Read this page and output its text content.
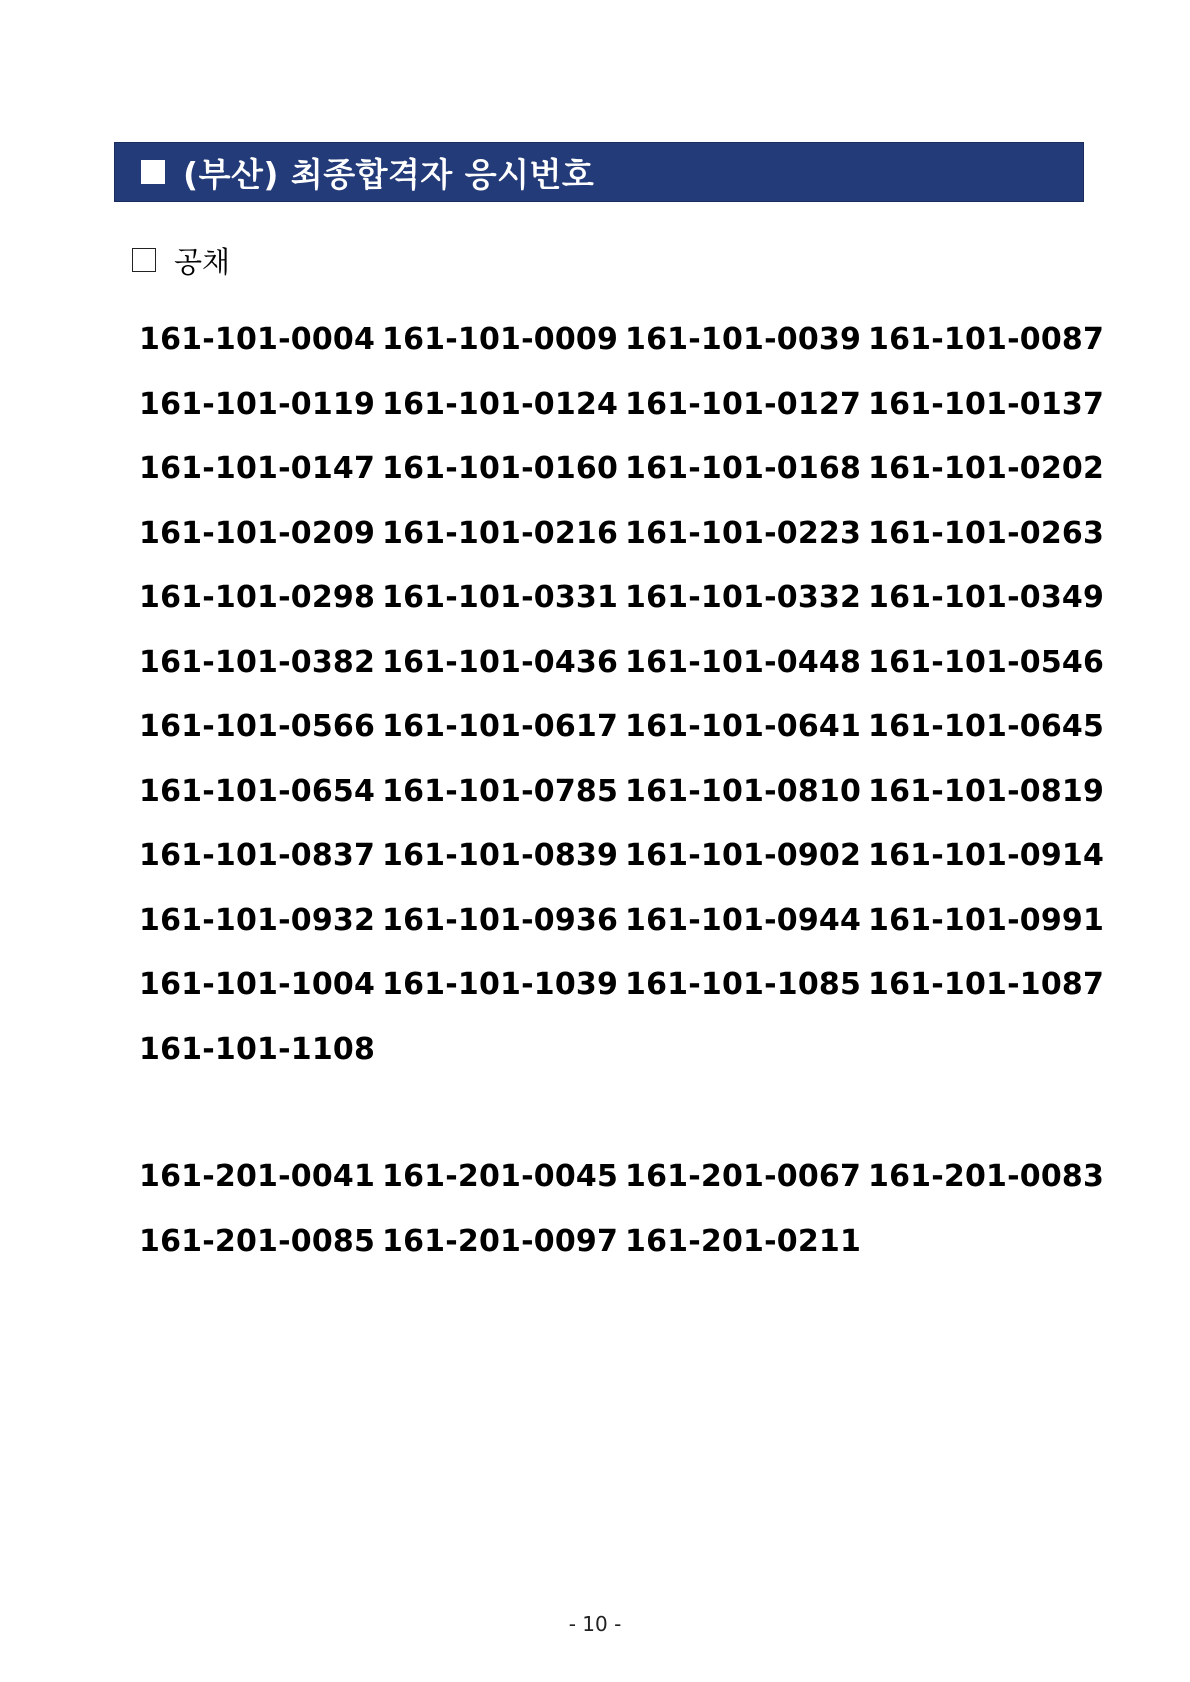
(부산) 최종합격자 응시번호
공채
161-101-0004 161-101-0009 161-101-0039 161-101-0087
161-101-0119 161-101-0124 161-101-0127 161-101-0137
161-101-0147 161-101-0160 161-101-0168 161-101-0202
161-101-0209 161-101-0216 161-101-0223 161-101-0263
161-101-0298 161-101-0331 161-101-0332 161-101-0349
161-101-0382 161-101-0436 161-101-0448 161-101-0546
161-101-0566 161-101-0617 161-101-0641 161-101-0645
161-101-0654 161-101-0785 161-101-0810 161-101-0819
161-101-0837 161-101-0839 161-101-0902 161-101-0914
161-101-0932 161-101-0936 161-101-0944 161-101-0991
161-101-1004 161-101-1039 161-101-1085 161-101-1087
161-101-1108
161-201-0041 161-201-0045 161-201-0067 161-201-0083
161-201-0085 161-201-0097 161-201-0211
- 10 -
